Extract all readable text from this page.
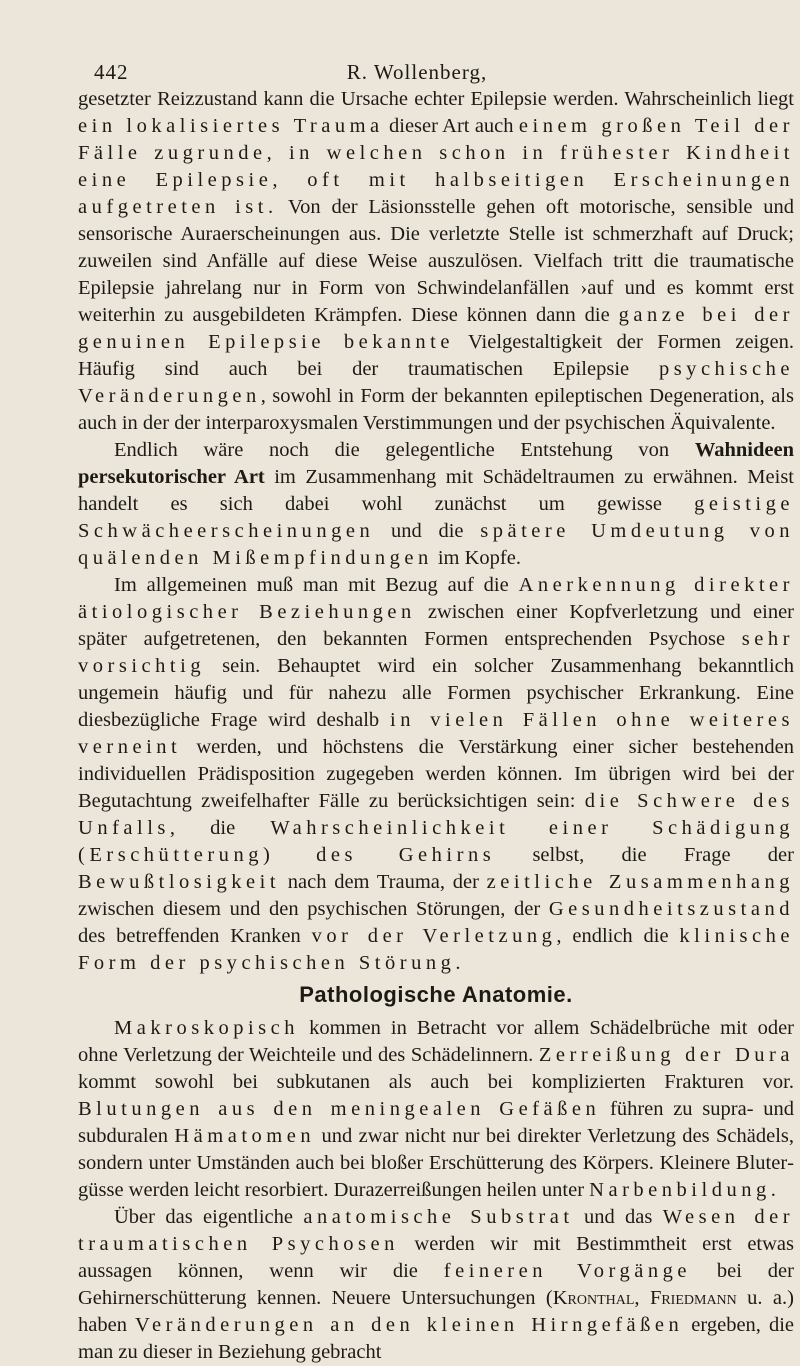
442	R. Wollenberg,

gesetzter Reizzustand kann die Ursache echter Epilepsie werden. Wahrscheinlich liegt ein lokalisiertes Trauma dieser Art auch einem großen Teil der Fälle zugrunde, in welchen schon in frühester Kindheit eine Epilepsie, oft mit halbseitigen Erscheinungen aufgetreten ist. Von der Läsionsstelle gehen oft motorische, sensible und sensorische Auraerscheinungen aus. Die verletzte Stelle ist schmerzhaft auf Druck; zuweilen sind Anfälle auf diese Weise auszulösen. Vielfach tritt die traumatische Epilepsie jahrelang nur in Form von Schwindelanfällen ›auf und es kommt erst weiterhin zu ausgebildeten Krämpfen. Diese können dann die ganze bei der genuinen Epilepsie bekannte Vielgestaltigkeit der Formen zeigen. Häufig sind auch bei der traumatischen Epilepsie psychische Veränderungen, sowohl in Form der bekannten epileptischen Degeneration, als auch in der der interparoxysmalen Verstimmungen und der psychischen Äquivalente.

Endlich wäre noch die gelegentliche Entstehung von Wahnideen persekutorischer Art im Zusammenhang mit Schädeltraumen zu erwähnen. Meist handelt es sich dabei wohl zunächst um gewisse geistige Schwächeerscheinungen und die spätere Umdeutung von quälenden Mißempfindungen im Kopfe.

Im allgemeinen muß man mit Bezug auf die Anerkennung direkter ätiologischer Beziehungen zwischen einer Kopfverletzung und einer später aufgetretenen, den bekannten Formen entsprechenden Psychose sehr vorsichtig sein. Behauptet wird ein solcher Zusammenhang bekanntlich ungemein häufig und für nahezu alle Formen psychischer Erkrankung. Eine diesbezügliche Frage wird deshalb in vielen Fällen ohne weiteres verneint werden, und höchstens die Verstärkung einer sicher bestehenden individuellen Prädisposition zugegeben werden können. Im übrigen wird bei der Begutachtung zweifelhafter Fälle zu berücksichtigen sein: die Schwere des Unfalls, die Wahrscheinlichkeit einer Schädigung (Erschütterung) des Gehirns selbst, die Frage der Bewußtlosigkeit nach dem Trauma, der zeitliche Zusammenhang zwischen diesem und den psychischen Störungen, der Gesundheitszustand des betreffenden Kranken vor der Verletzung, endlich die klinische Form der psychischen Störung.

Pathologische Anatomie.

Makroskopisch kommen in Betracht vor allem Schädelbrüche mit oder ohne Verletzung der Weichteile und des Schädelinnern. Zerreißung der Dura kommt sowohl bei subkutanen als auch bei komplizierten Frakturen vor. Blutungen aus den meningealen Gefäßen führen zu supra- und subduralen Hämatomen und zwar nicht nur bei direkter Verletzung des Schädels, sondern unter Umständen auch bei bloßer Erschütterung des Körpers. Kleinere Blutergüsse werden leicht resorbiert. Durazerreißungen heilen unter Narbenbildung.

Über das eigentliche anatomische Substrat und das Wesen der traumatischen Psychosen werden wir mit Bestimmtheit erst etwas aussagen können, wenn wir die feineren Vorgänge bei der Gehirnerschütterung kennen. Neuere Untersuchungen (Kronthal, Friedmann u. a.) haben Veränderungen an den kleinen Hirngefäßen ergeben, die man zu dieser in Beziehung gebracht
